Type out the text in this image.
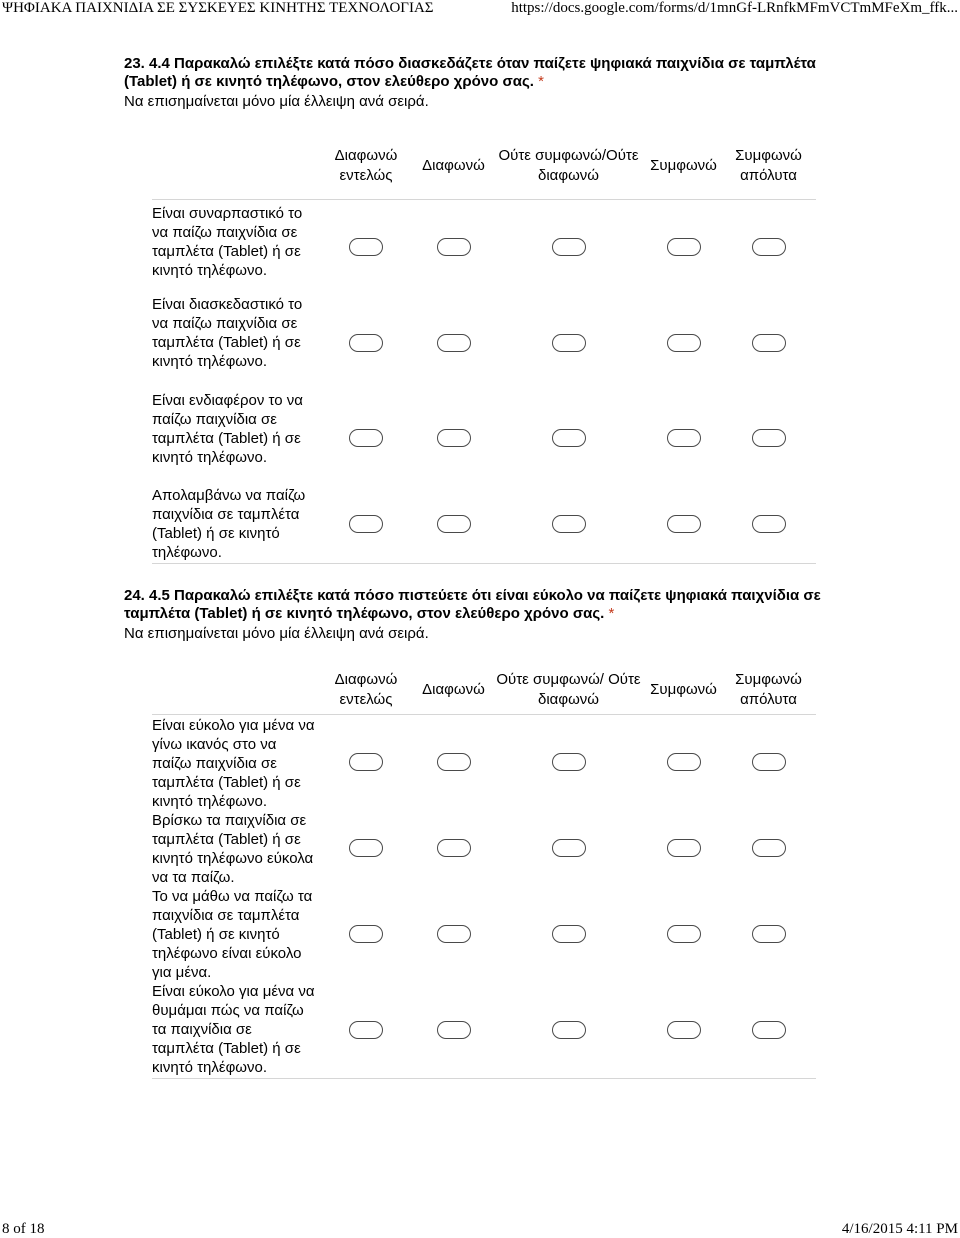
ΨΗΦΙΑΚΑ ΠΑΙΧΝΙΔΙΑ ΣΕ ΣΥΣΚΕΥΕΣ ΚΙΝΗΤΗΣ ΤΕΧΝΟΛΟΓΙΑΣ	https://docs.google.com/forms/d/1mnGf-LRnfkMFmVCTmMFeXm_ffk...
23. 4.4 Παρακαλώ επιλέξτε κατά πόσο διασκεδάζετε όταν παίζετε ψηφιακά παιχνίδια σε ταμπλέτα (Tablet) ή σε κινητό τηλέφωνο, στον ελεύθερο χρόνο σας. *
Να επισημαίνεται μόνο μία έλλειψη ανά σειρά.
	Διαφωνώ εντελώς	Διαφωνώ	Ούτε συμφωνώ/Ούτε διαφωνώ	Συμφωνώ	Συμφωνώ απόλυτα
Είναι συναρπαστικό το να παίζω παιχνίδια σε ταμπλέτα (Tablet) ή σε κινητό τηλέφωνο.					
Είναι διασκεδαστικό το να παίζω παιχνίδια σε ταμπλέτα (Tablet) ή σε κινητό τηλέφωνο.					
Είναι ενδιαφέρον το να παίζω παιχνίδια σε ταμπλέτα (Tablet) ή σε κινητό τηλέφωνο.					
Απολαμβάνω να παίζω παιχνίδια σε ταμπλέτα (Tablet) ή σε κινητό τηλέφωνο.					
24. 4.5 Παρακαλώ επιλέξτε κατά πόσο πιστεύετε ότι είναι εύκολο να παίζετε ψηφιακά παιχνίδια σε ταμπλέτα (Tablet) ή σε κινητό τηλέφωνο, στον ελεύθερο χρόνο σας. *
Να επισημαίνεται μόνο μία έλλειψη ανά σειρά.
	Διαφωνώ εντελώς	Διαφωνώ	Ούτε συμφωνώ/ Ούτε διαφωνώ	Συμφωνώ	Συμφωνώ απόλυτα
Είναι εύκολο για μένα να γίνω ικανός στο να παίζω παιχνίδια σε ταμπλέτα (Tablet) ή σε κινητό τηλέφωνο.					
Βρίσκω τα παιχνίδια σε ταμπλέτα (Tablet) ή σε κινητό τηλέφωνο εύκολα να τα παίζω.					
Το να μάθω να παίζω τα παιχνίδια σε ταμπλέτα (Tablet) ή σε κινητό τηλέφωνο είναι εύκολο για μένα.					
Είναι εύκολο για μένα να θυμάμαι πώς να παίζω τα παιχνίδια σε ταμπλέτα (Tablet) ή σε κινητό τηλέφωνο.					
8 of 18	4/16/2015 4:11 PM
